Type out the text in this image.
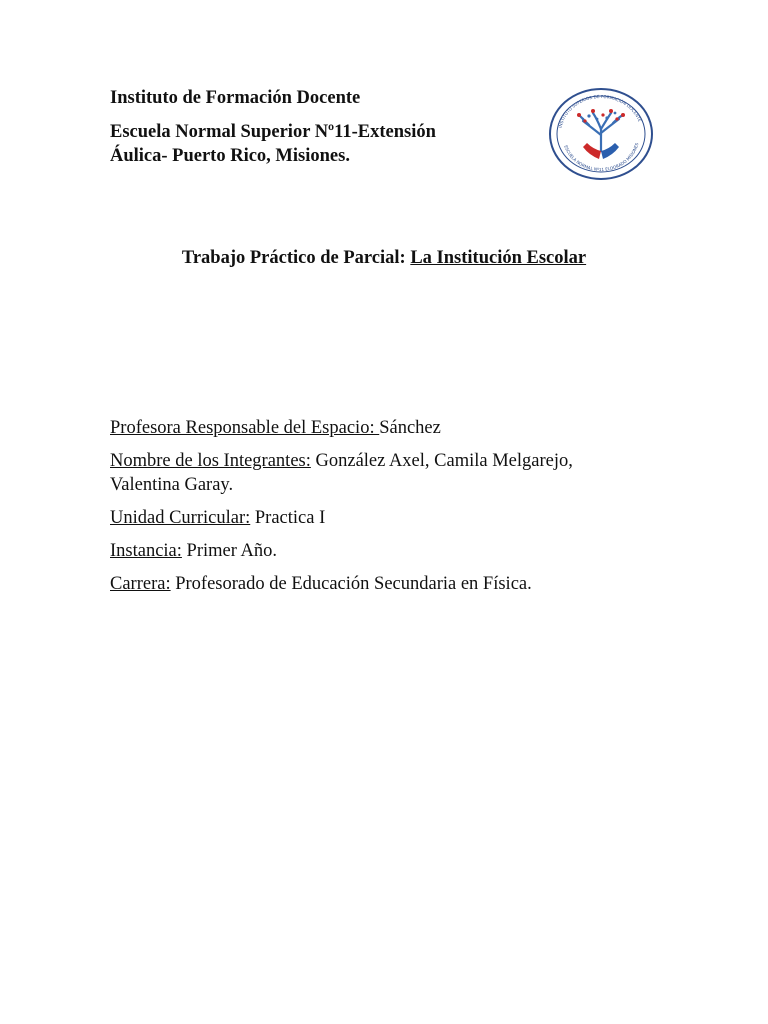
Instituto de Formación Docente
Escuela Normal Superior Nº11-Extensión
Áulica- Puerto Rico, Misiones.
INSTITUTO SUPERIOR DE FORMACIÓN DOCENTE
ESCUELA NORMAL Nº11 ELDORADO MISIONES
Trabajo Práctico de Parcial: La Institución Escolar
Profesora Responsable del Espacio: Sánchez
Nombre de los Integrantes: González Axel, Camila Melgarejo,
Valentina Garay.
Unidad Curricular: Practica I
Instancia: Primer Año.
Carrera: Profesorado de Educación Secundaria en Física.
